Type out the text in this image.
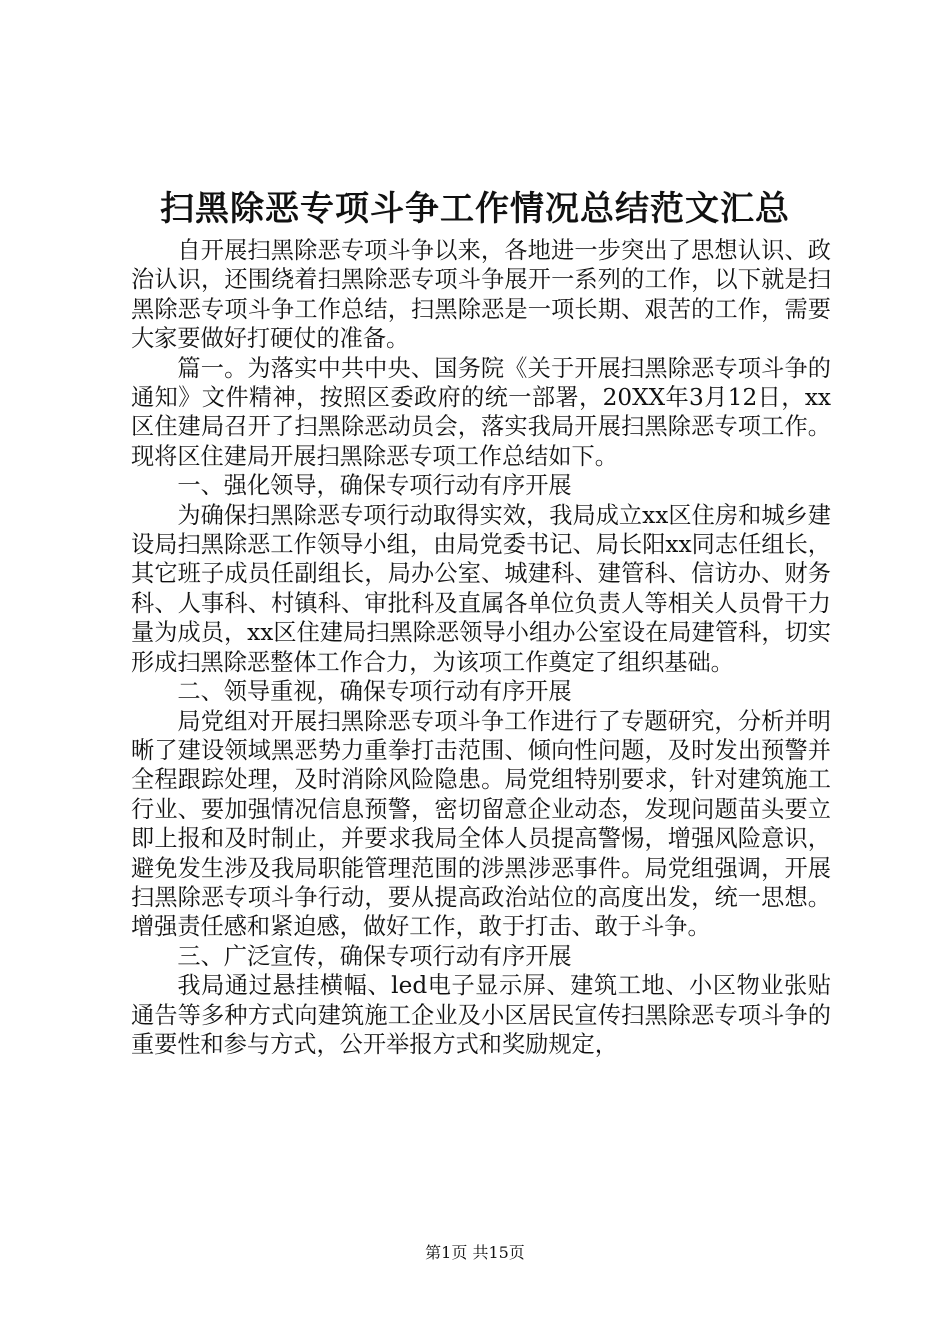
扫黑除恶专项斗争工作情况总结范文汇总

自开展扫黑除恶专项斗争以来，各地进一步突出了思想认识、政治认识，还围绕着扫黑除恶专项斗争展开一系列的工作，以下就是扫黑除恶专项斗争工作总结，扫黑除恶是一项长期、艰苦的工作，需要大家要做好打硬仗的准备。

篇一。为落实中共中央、国务院《关于开展扫黑除恶专项斗争的通知》文件精神，按照区委政府的统一部署，20XX年3月12日，xx区住建局召开了扫黑除恶动员会，落实我局开展扫黑除恶专项工作。现将区住建局开展扫黑除恶专项工作总结如下。

一、强化领导，确保专项行动有序开展

为确保扫黑除恶专项行动取得实效，我局成立xx区住房和城乡建设局扫黑除恶工作领导小组，由局党委书记、局长阳xx同志任组长，其它班子成员任副组长，局办公室、城建科、建管科、信访办、财务科、人事科、村镇科、审批科及直属各单位负责人等相关人员骨干力量为成员，xx区住建局扫黑除恶领导小组办公室设在局建管科，切实形成扫黑除恶整体工作合力，为该项工作奠定了组织基础。

二、领导重视，确保专项行动有序开展

局党组对开展扫黑除恶专项斗争工作进行了专题研究，分析并明晰了建设领域黑恶势力重拳打击范围、倾向性问题，及时发出预警并全程跟踪处理，及时消除风险隐患。局党组特别要求，针对建筑施工行业、要加强情况信息预警，密切留意企业动态，发现问题苗头要立即上报和及时制止，并要求我局全体人员提高警惕，增强风险意识，避免发生涉及我局职能管理范围的涉黑涉恶事件。局党组强调，开展扫黑除恶专项斗争行动，要从提高政治站位的高度出发，统一思想。增强责任感和紧迫感，做好工作，敢于打击、敢于斗争。

三、广泛宣传，确保专项行动有序开展

我局通过悬挂横幅、led电子显示屏、建筑工地、小区物业张贴通告等多种方式向建筑施工企业及小区居民宣传扫黑除恶专项斗争的重要性和参与方式，公开举报方式和奖励规定，

第1页 共15页
